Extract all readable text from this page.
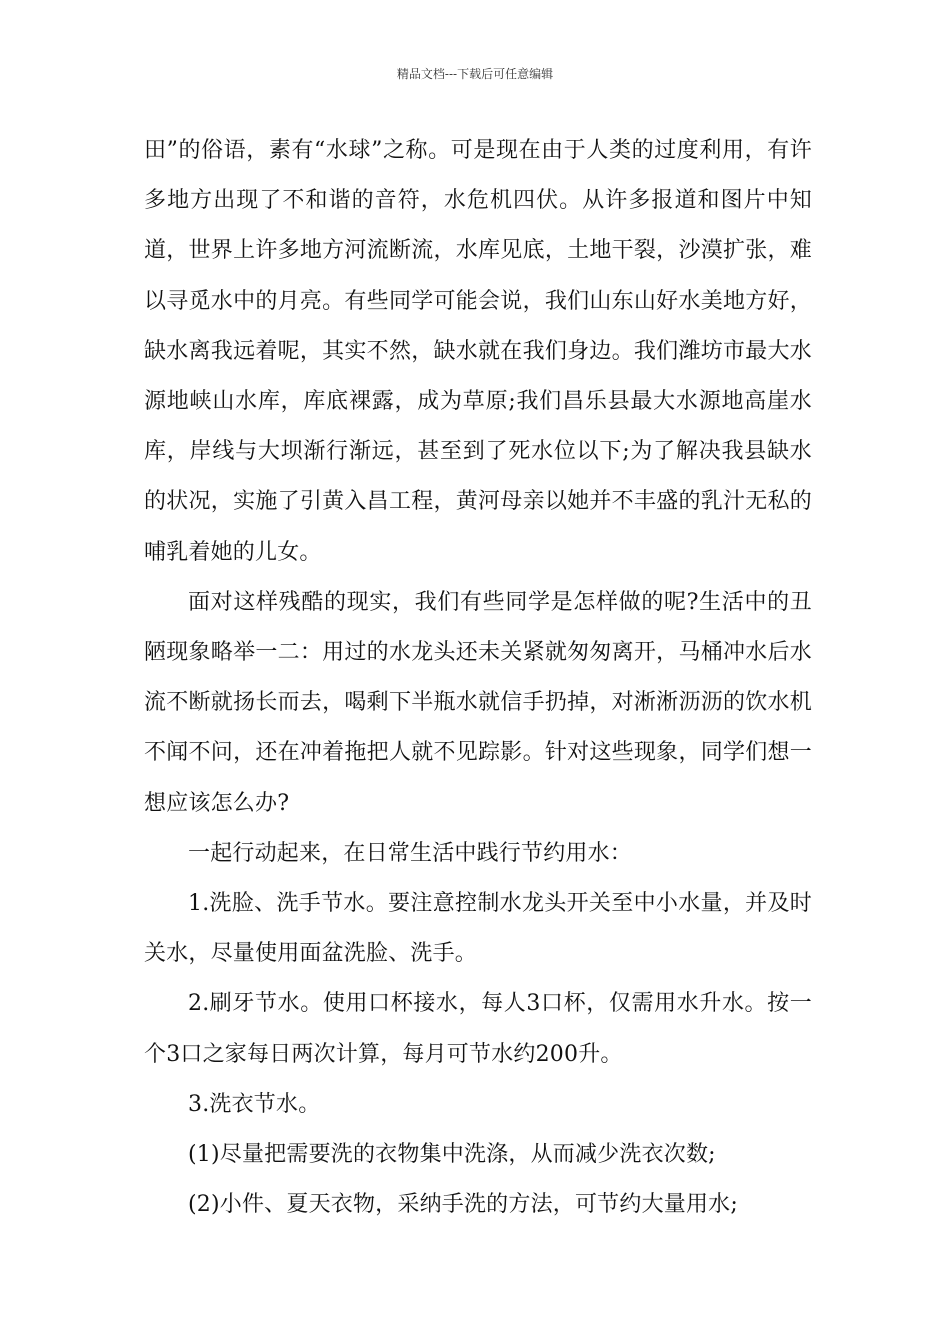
精品文档---下载后可任意编辑

田”的俗语，素有“水球”之称。可是现在由于人类的过度利用，有许多地方出现了不和谐的音符，水危机四伏。从许多报道和图片中知道，世界上许多地方河流断流，水库见底，土地干裂，沙漠扩张，难以寻觅水中的月亮。有些同学可能会说，我们山东山好水美地方好，缺水离我远着呢，其实不然，缺水就在我们身边。我们潍坊市最大水源地峡山水库，库底裸露，成为草原;我们昌乐县最大水源地高崖水库，岸线与大坝渐行渐远，甚至到了死水位以下;为了解决我县缺水的状况，实施了引黄入昌工程，黄河母亲以她并不丰盛的乳汁无私的哺乳着她的儿女。

面对这样残酷的现实，我们有些同学是怎样做的呢?生活中的丑陋现象略举一二：用过的水龙头还未关紧就匆匆离开，马桶冲水后水流不断就扬长而去，喝剩下半瓶水就信手扔掉，对淅淅沥沥的饮水机不闻不问，还在冲着拖把人就不见踪影。针对这些现象，同学们想一想应该怎么办?

一起行动起来，在日常生活中践行节约用水：

1.洗脸、洗手节水。要注意控制水龙头开关至中小水量，并及时关水，尽量使用面盆洗脸、洗手。

2.刷牙节水。使用口杯接水，每人3口杯，仅需用水升水。按一个3口之家每日两次计算，每月可节水约200升。

3.洗衣节水。

(1)尽量把需要洗的衣物集中洗涤，从而减少洗衣次数;

(2)小件、夏天衣物，采纳手洗的方法，可节约大量用水;
